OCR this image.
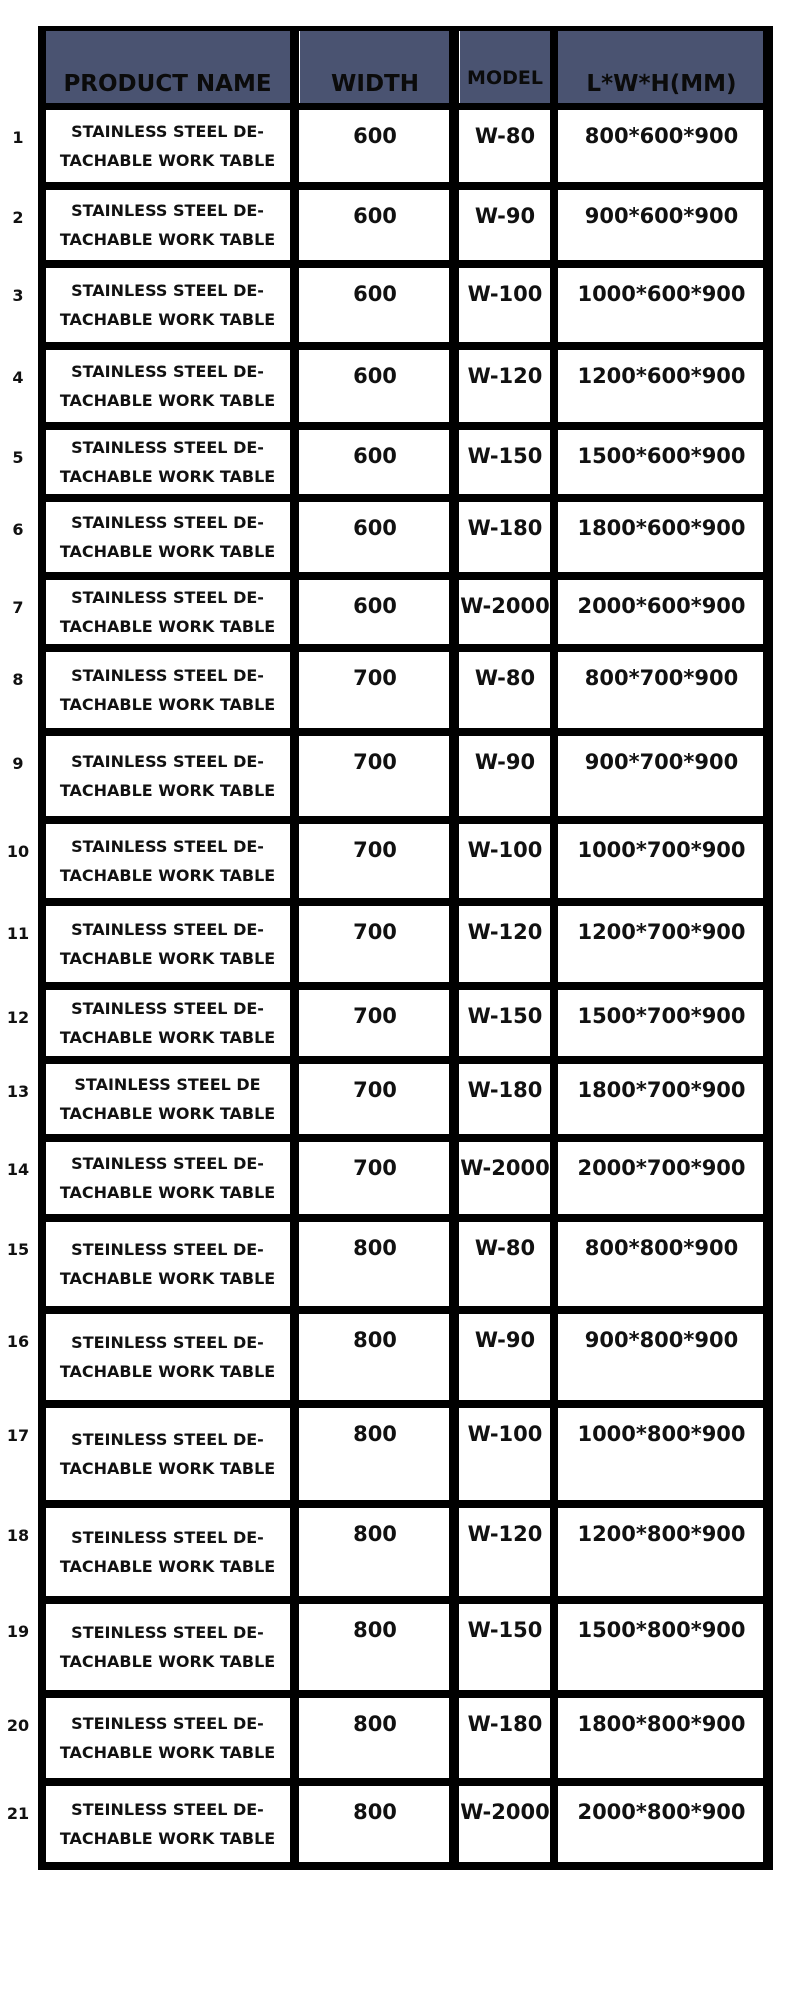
PRODUCT NAME	WIDTH	MODEL	L*W*H(MM)
1	STAINLESS STEEL DE-
TACHABLE WORK TABLE
600	W-80	800*600*900
2	STAINLESS STEEL DE-
TACHABLE WORK TABLE
600	W-90	900*600*900
3	STAINLESS STEEL DE-
TACHABLE WORK TABLE
600	W-100	1000*600*900
4	STAINLESS STEEL DE-
TACHABLE WORK TABLE
600	W-120	1200*600*900
5
STAINLESS STEEL DE-
TACHABLE WORK TABLE
600	W-150	1500*600*900
6	STAINLESS STEEL DE-
TACHABLE WORK TABLE
600	W-180	1800*600*900
7
STAINLESS STEEL DE-
TACHABLE WORK TABLE
600	W-2000	2000*600*900
8	STAINLESS STEEL DE-
TACHABLE WORK TABLE
700	W-80	800*700*900
9	STAINLESS STEEL DE-
TACHABLE WORK TABLE
700	W-90	900*700*900
10	STAINLESS STEEL DE-
TACHABLE WORK TABLE
700	W-100	1000*700*900
11	STAINLESS STEEL DE-
TACHABLE WORK TABLE
700	W-120	1200*700*900
12	STAINLESS STEEL DE-
TACHABLE WORK TABLE
700	W-150	1500*700*900
13	STAINLESS STEEL DE
TACHABLE WORK TABLE
700	W-180	1800*700*900
14	STAINLESS STEEL DE-
TACHABLE WORK TABLE
700	W-2000	2000*700*900
15	STEINLESS STEEL DE-
TACHABLE WORK TABLE
800	W-80	800*800*900
16	STEINLESS STEEL DE-
TACHABLE WORK TABLE
800	W-90	900*800*900
17	STEINLESS STEEL DE-
TACHABLE WORK TABLE
800	W-100	1000*800*900
18	STEINLESS STEEL DE-
TACHABLE WORK TABLE
800	W-120	1200*800*900
19	STEINLESS STEEL DE-
TACHABLE WORK TABLE
800	W-150	1500*800*900
20	STEINLESS STEEL DE-
TACHABLE WORK TABLE
800	W-180	1800*800*900
21	STEINLESS STEEL DE-
TACHABLE WORK TABLE
800	W-2000	2000*800*900
